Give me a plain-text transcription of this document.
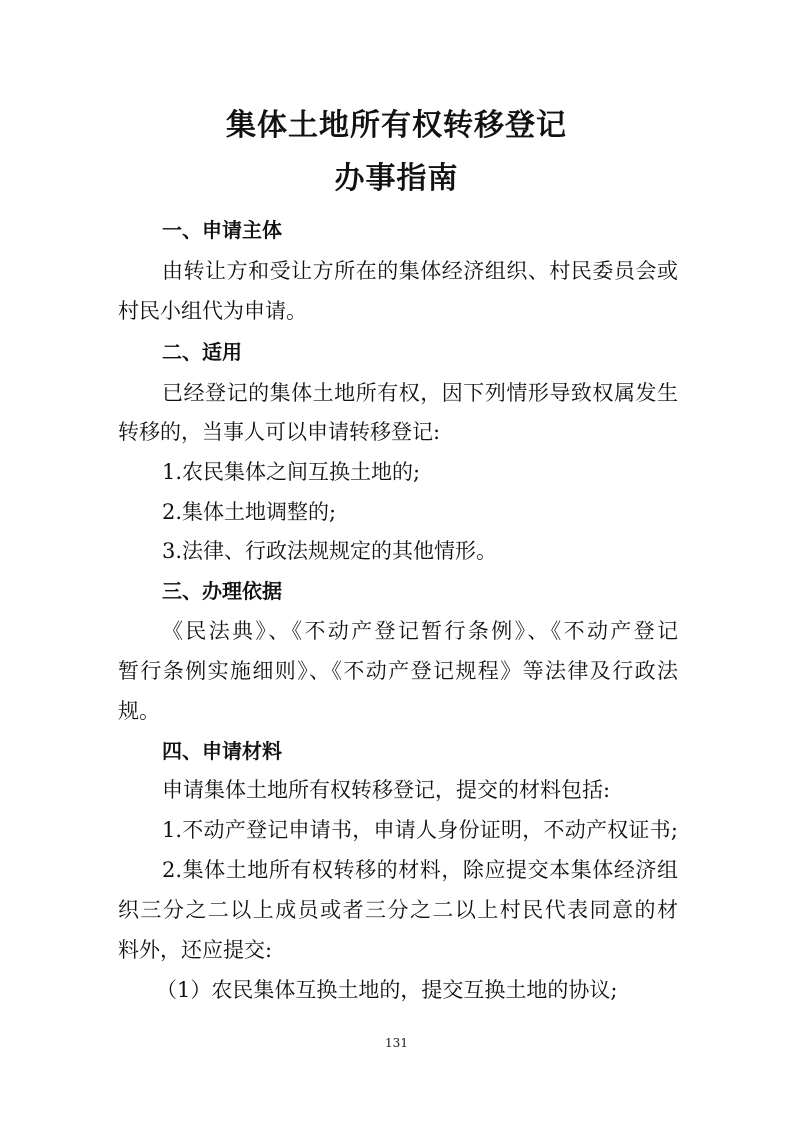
集体土地所有权转移登记
办事指南

一、申请主体

由转让方和受让方所在的集体经济组织、村民委员会或

村民小组代为申请。

二、适用

已经登记的集体土地所有权，因下列情形导致权属发生

转移的，当事人可以申请转移登记:

1.农民集体之间互换土地的;

2.集体土地调整的;

3.法律、行政法规规定的其他情形。

三、办理依据

《民法典》、《不动产登记暂行条例》、《不动产登记

暂行条例实施细则》、《不动产登记规程》等法律及行政法

规。

四、申请材料

申请集体土地所有权转移登记，提交的材料包括:

1.不动产登记申请书，申请人身份证明，不动产权证书;

2.集体土地所有权转移的材料，除应提交本集体经济组

织三分之二以上成员或者三分之二以上村民代表同意的材

料外，还应提交:

（1）农民集体互换土地的，提交互换土地的协议;

131
